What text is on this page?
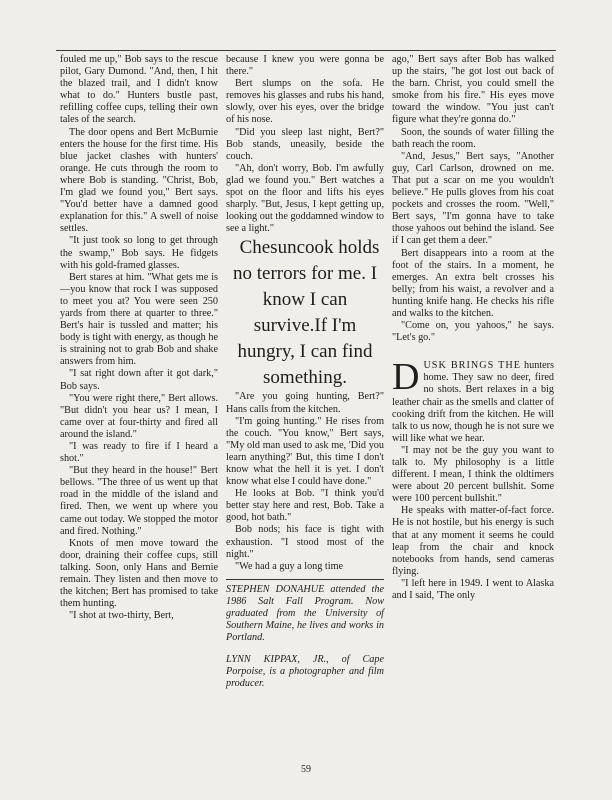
fouled me up," Bob says to the rescue pilot, Gary Dumond. "And, then, I hit the blazed trail, and I didn't know what to do." Hunters bustle past, refilling coffee cups, telling their own tales of the search.

The door opens and Bert McBurnie enters the house for the first time. His blue jacket clashes with hunters' orange. He cuts through the room to where Bob is standing. "Christ, Bob, I'm glad we found you," Bert says. "You'd better have a damned good explanation for this." A swell of noise settles.

"It just took so long to get through the swamp," Bob says. He fidgets with his gold-framed glasses.

Bert stares at him. "What gets me is—you know that rock I was supposed to meet you at? You were seen 250 yards from there at quarter to three." Bert's hair is tussled and matter; his body is tight with energy, as though he is straining not to grab Bob and shake answers from him.

"I sat right down after it got dark," Bob says.

"You were right there," Bert allows. "But didn't you hear us? I mean, I came over at four-thirty and fired all around the island."

"I was ready to fire if I heard a shot."

"But they heard in the house!" Bert bellows. "The three of us went up that road in the middle of the island and fired. Then, we went up where you came out today. We stopped the motor and fired. Nothing."

Knots of men move toward the door, draining their coffee cups, still talking. Soon, only Hans and Bernie remain. They listen and then move to the kitchen; Bert has promised to take them hunting.

"I shot at two-thirty, Bert,

because I knew you were gonna be there."

Bert slumps on the sofa. He removes his glasses and rubs his hand, slowly, over his eyes, over the bridge of his nose.

"Did you sleep last night, Bert?" Bob stands, uneasily, beside the couch.

"Ah, don't worry, Bob. I'm awfully glad we found you." Bert watches a spot on the floor and lifts his eyes sharply. "But, Jesus, I kept getting up, looking out the goddamned window to see a light."

Chesuncook holds no terrors for me. I know I can survive.If I'm hungry, I can find something.

"Are you going hunting, Bert?" Hans calls from the kitchen.

"I'm going hunting." He rises from the couch. "You know," Bert says, "My old man used to ask me, 'Did you learn anything?' But, this time I don't know what the hell it is yet. I don't know what else I could have done."

He looks at Bob. "I think you'd better stay here and rest, Bob. Take a good, hot bath."

Bob nods; his face is tight with exhaustion. "I stood most of the night."

"We had a guy a long time

STEPHEN DONAHUE attended the 1986 Salt Fall Program. Now graduated from the University of Southern Maine, he lives and works in Portland.

LYNN KIPPAX, JR., of Cape Porpoise, is a photographer and film producer.

ago," Bert says after Bob has walked up the stairs, "he got lost out back of the barn. Christ, you could smell the smoke from his fire." His eyes move toward the window. "You just can't figure what they're gonna do."

Soon, the sounds of water filling the bath reach the room.

"And, Jesus," Bert says, "Another guy, Carl Carlson, drowned on me. That put a scar on me you wouldn't believe." He pulls gloves from his coat pockets and crosses the room. "Well," Bert says, "I'm gonna have to take those yahoos out behind the island. See if I can get them a deer."

Bert disappears into a room at the foot of the stairs. In a moment, he emerges. An extra belt crosses his belly; from his waist, a revolver and a hunting knife hang. He checks his rifle and walks to the kitchen.

"Come on, you yahoos," he says. "Let's go."

DUSK BRINGS THE hunters home. They saw no deer, fired no shots. Bert relaxes in a big leather chair as the smells and clatter of cooking drift from the kitchen. He will talk to us now, though he is not sure we will like what we hear.

"I may not be the guy you want to talk to. My philosophy is a little different. I mean, I think the oldtimers were about 20 percent bullshit. Some were 100 percent bullshit."

He speaks with matter-of-fact force. He is not hostile, but his energy is such that at any moment it seems he could leap from the chair and knock notebooks from hands, send cameras flying.

"I left here in 1949. I went to Alaska and I said, 'The only

59
